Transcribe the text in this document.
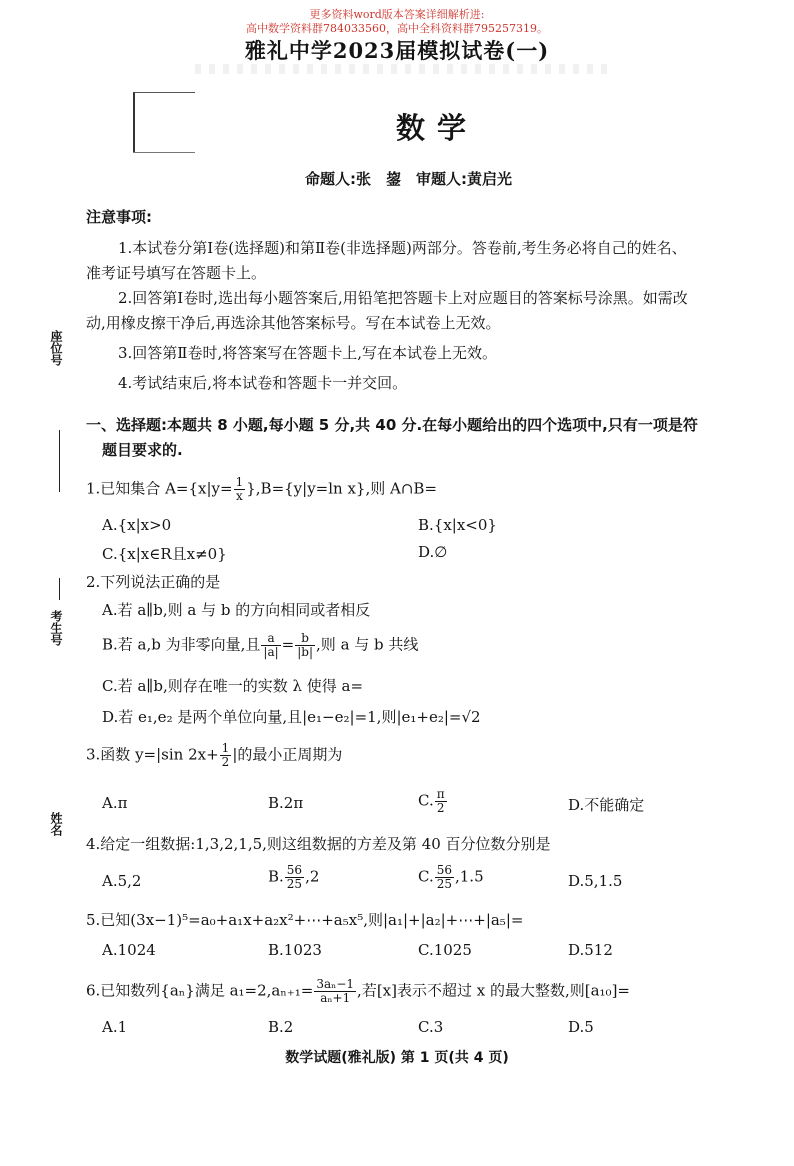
更多资料word版本答案详细解析进:
高中数学资料群784033560，高中全科资料群795257319。
雅礼中学2023届模拟试卷(一)
数学
命题人:张　鋆　审题人:黄启光
座位号
考生号
姓名
注意事项:
1.本试卷分第Ⅰ卷(选择题)和第Ⅱ卷(非选择题)两部分。答卷前,考生务必将自己的姓名、
准考证号填写在答题卡上。
2.回答第Ⅰ卷时,选出每小题答案后,用铅笔把答题卡上对应题目的答案标号涂黑。如需改
动,用橡皮擦干净后,再选涂其他答案标号。写在本试卷上无效。
3.回答第Ⅱ卷时,将答案写在答题卡上,写在本试卷上无效。
4.考试结束后,将本试卷和答题卡一并交回。
一、选择题:本题共 8 小题,每小题 5 分,共 40 分.在每小题给出的四个选项中,只有一项是符
题目要求的.
1.已知集合 $A=\{x|y= \frac{1}{x} \},B=\{y|y=\ln$ x},则 A∩B=
A.{x|x>0	B.{x|x<0}
C.{x|x∈R且x≠0}	D.∅
2.下列说法正确的是
A.若 a∥b,则 a 与 b 的方向相同或者相反
B.若 a,b 为非零向量,且 $\frac{a}{|a|} = \frac{b}{|b|}$ ,则 a 与 b 共线
C.若 a∥b,则存在唯一的实数 λ 使得 a=
D.若 e₁,e₂ 是两个单位向量,且|e₁−e₂|=1,则|e₁+e₂|=√2
3.函数 y=|sin $2x+ \frac{1}{2}$ |的最小正周期为
A.π	B.2π	C. $\frac{\pi}{2}$	D.不能确定
4.给定一组数据:1,3,2,1,5,则这组数据的方差及第 40 百分位数分别是
A.5,2	B. $\frac{56}{25} ,2$	C. $\frac{56}{25} ,1.5$	D.5,1.5
5.已知(3x−1)⁵=a₀+a₁x+a₂x²+⋯+a₅x⁵,则|a₁|+|a₂|+⋯+|a₅|=
A.1024	B.1023	C.1025	D.512
6.已知数列{aₙ}满足 $a_1=2,a_{n+1}= \frac{\text{3aₙ−1}}{\text{aₙ+1}}$ ,若[x]表示不超过 x 的最大整数,则[a₁₀]=
A.1	B.2	C.3	D.5
数学试题(雅礼版) 第 1 页(共 4 页)
